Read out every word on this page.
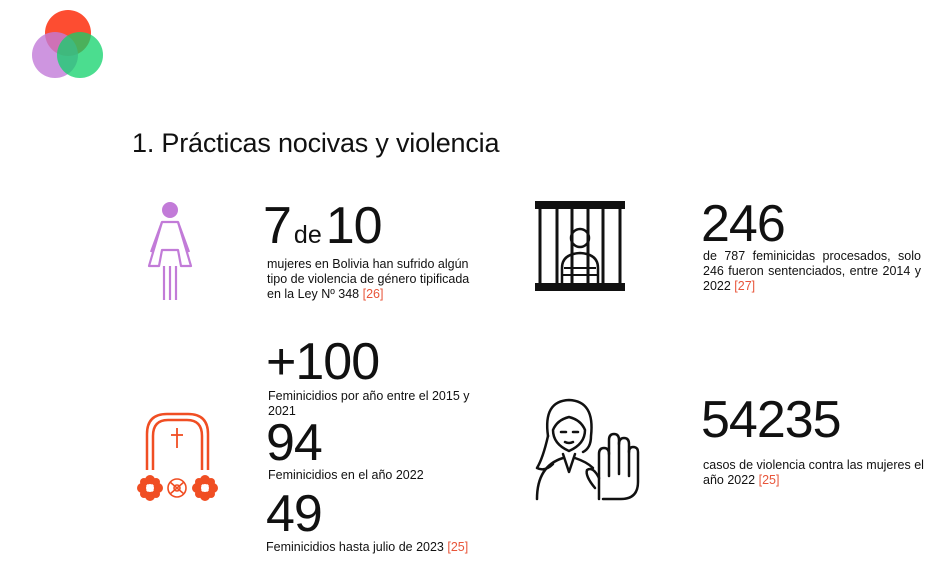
1. Prácticas nocivas y violencia
7 de10
mujeres en Bolivia han sufrido algún tipo de violencia de género tipificada en la Ley Nº 348 [26]
246
de 787 feminicidas procesados, solo 246 fueron sentenciados, entre 2014 y 2022 [27]
+100
Feminicidios por año entre el 2015 y 2021
94
Feminicidios en el año 2022
49
Feminicidios hasta julio de 2023 [25]
54235
casos de violencia contra las mujeres el año 2022 [25]
